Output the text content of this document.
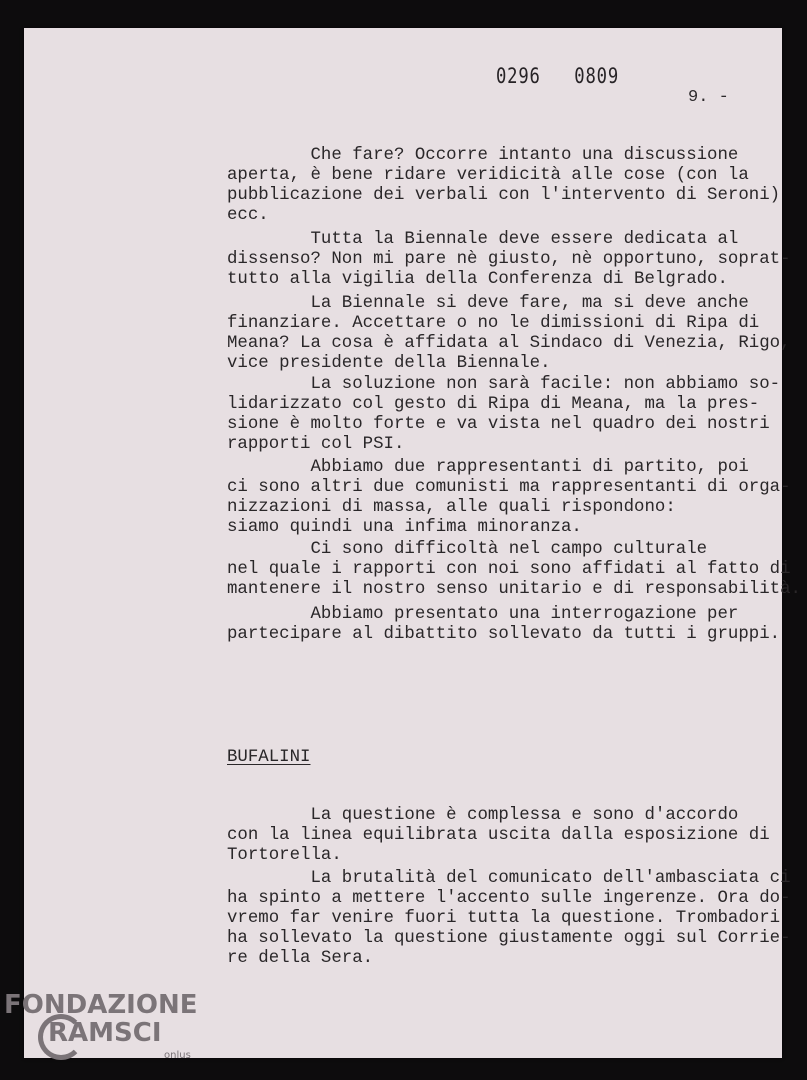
0296   0809
9. -
Che fare? Occorre intanto una discussione
aperta, è bene ridare veridicità alle cose (con la
pubblicazione dei verbali con l'intervento di Seroni)
ecc.
Tutta la Biennale deve essere dedicata al
dissenso? Non mi pare nè giusto, nè opportuno, soprat-
tutto alla vigilia della Conferenza di Belgrado.
La Biennale si deve fare, ma si deve anche
finanziare. Accettare o no le dimissioni di Ripa di
Meana? La cosa è affidata al Sindaco di Venezia, Rigo,
vice presidente della Biennale.
La soluzione non sarà facile: non abbiamo so-
lidarizzato col gesto di Ripa di Meana, ma la pres-
sione è molto forte e va vista nel quadro dei nostri
rapporti col PSI.
Abbiamo due rappresentanti di partito, poi
ci sono altri due comunisti ma rappresentanti di orga-
nizzazioni di massa, alle quali rispondono:
siamo quindi una infima minoranza.
Ci sono difficoltà nel campo culturale
nel quale i rapporti con noi sono affidati al fatto di
mantenere il nostro senso unitario e di responsabilità.
Abbiamo presentato una interrogazione per
partecipare al dibattito sollevato da tutti i gruppi.
BUFALINI
La questione è complessa e sono d'accordo
con la linea equilibrata uscita dalla esposizione di
Tortorella.
La brutalità del comunicato dell'ambasciata ci
ha spinto a mettere l'accento sulle ingerenze. Ora do-
vremo far venire fuori tutta la questione. Trombadori
ha sollevato la questione giustamente oggi sul Corrie-
re della Sera.
FONDAZIONE
RAMSCI
onlus
